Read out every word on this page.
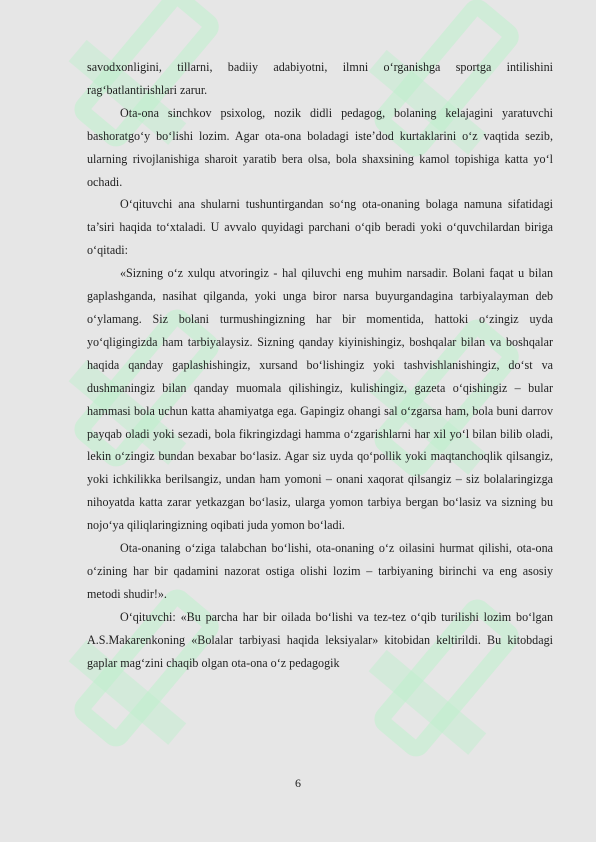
savodxonligini, tillarni, badiiy adabiyotni, ilmni o‘rganishga sportga intilishini rag‘batlantirishlari zarur.

Ota-ona sinchkov psixolog, nozik didli pedagog, bolaning kelajagini yaratuvchi bashoratgo‘y bo‘lishi lozim. Agar ota-ona boladagi iste’dod kurtaklarini o‘z vaqtida sezib, ularning rivojlanishiga sharoit yaratib bera olsa, bola shaxsining kamol topishiga katta yo‘l ochadi.

O‘qituvchi ana shularni tushuntirgandan so‘ng ota-onaning bolaga namuna sifatidagi ta’siri haqida to‘xtaladi. U avvalo quyidagi parchani o‘qib beradi yoki o‘quvchilardan biriga o‘qitadi:

«Sizning o‘z xulqu atvoringiz - hal qiluvchi eng muhim narsadir. Bolani faqat u bilan gaplashganda, nasihat qilganda, yoki unga biror narsa buyurgandagina tarbiyalayman deb o‘ylamang. Siz bolani turmushingizning har bir momentida, hattoki o‘zingiz uyda yo‘qligingizda ham tarbiyalaysiz. Sizning qanday kiyinishingiz, boshqalar bilan va boshqalar haqida qanday gaplashishingiz, xursand bo‘lishingiz yoki tashvishlanishingiz, do‘st va dushmaningiz bilan qanday muomala qilishingiz, kulishingiz, gazeta o‘qishingiz – bular hammasi bola uchun katta ahamiyatga ega. Gapingiz ohangi sal o‘zgarsa ham, bola buni darrov payqab oladi yoki sezadi, bola fikringizdagi hamma o‘zgarishlarni har xil yo‘l bilan bilib oladi, lekin o‘zingiz bundan bexabar bo‘lasiz. Agar siz uyda qo‘pollik yoki maqtanchoqlik qilsangiz, yoki ichkilikka berilsangiz, undan ham yomoni – onani xaqorat qilsangiz – siz bolalaringizga nihoyatda katta zarar yetkazgan bo‘lasiz, ularga yomon tarbiya bergan bo‘lasiz va sizning bu nojo‘ya qiliqlaringizning oqibati juda yomon bo‘ladi.

Ota-onaning o‘ziga talabchan bo‘lishi, ota-onaning o‘z oilasini hurmat qilishi, ota-ona o‘zining har bir qadamini nazorat ostiga olishi lozim – tarbiyaning birinchi va eng asosiy metodi shudir!».

O‘qituvchi: «Bu parcha har bir oilada bo‘lishi va tez-tez o‘qib turilishi lozim bo‘lgan A.S.Makarenkoning «Bolalar tarbiyasi haqida leksiyalar» kitobidan keltirildi. Bu kitobdagi gaplar mag‘zini chaqib olgan ota-ona o‘z pedagogik

6
